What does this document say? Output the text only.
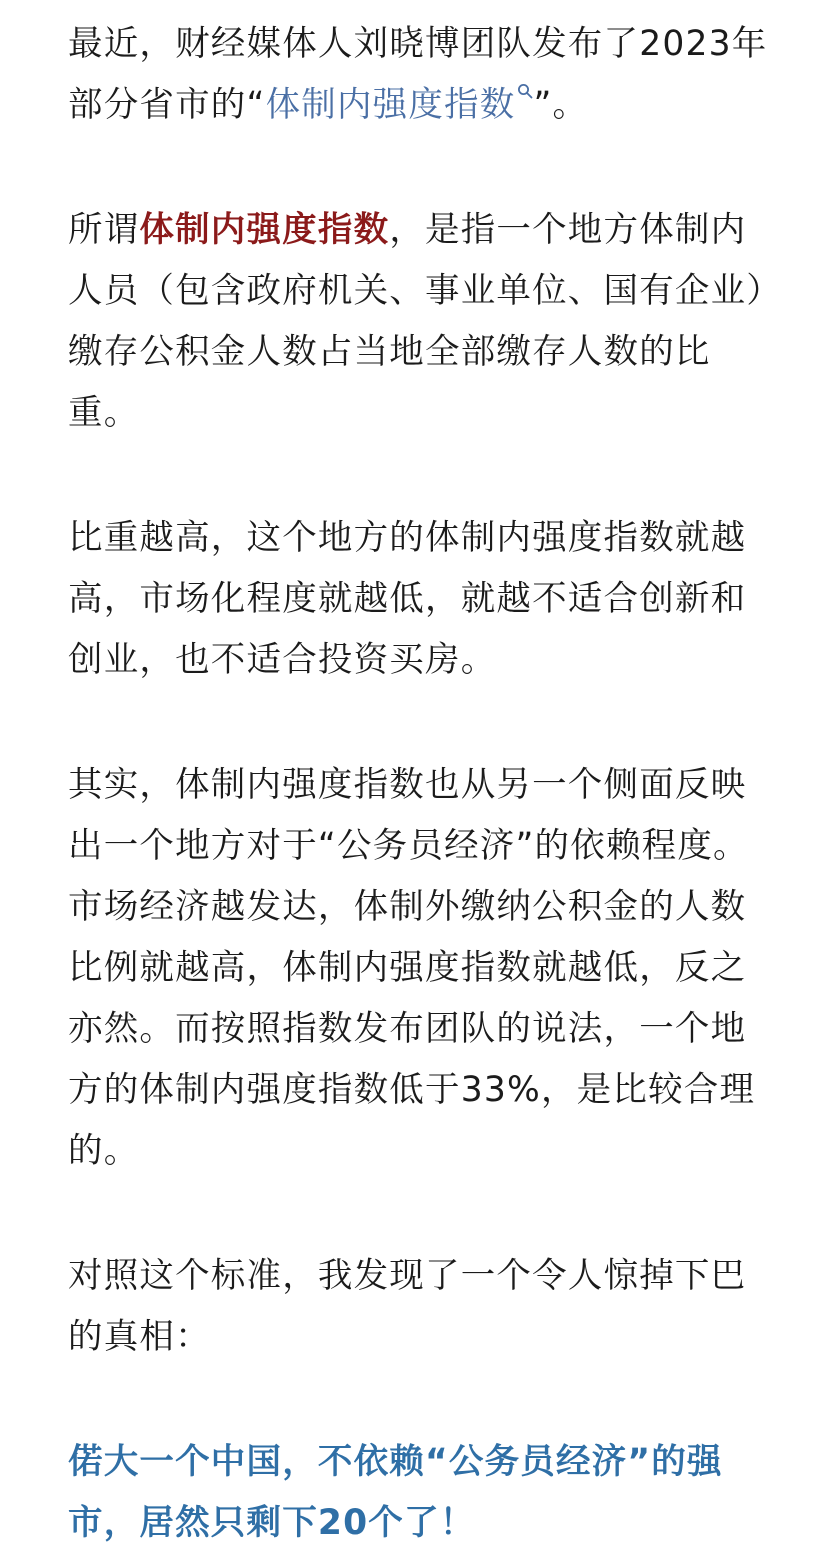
最近，财经媒体人刘晓博团队发布了2023年部分省市的“体制内强度指数 ”。

所谓体制内强度指数，是指一个地方体制内人员（包含政府机关、事业单位、国有企业）缴存公积金人数占当地全部缴存人数的比重。

比重越高，这个地方的体制内强度指数就越高，市场化程度就越低，就越不适合创新和创业，也不适合投资买房。

其实，体制内强度指数也从另一个侧面反映出一个地方对于“公务员经济”的依赖程度。市场经济越发达，体制外缴纳公积金的人数比例就越高，体制内强度指数就越低，反之亦然。而按照指数发布团队的说法，一个地方的体制内强度指数低于33%，是比较合理的。

对照这个标准，我发现了一个令人惊掉下巴的真相：

偌大一个中国，不依赖“公务员经济”的强市，居然只剩下20个了！
